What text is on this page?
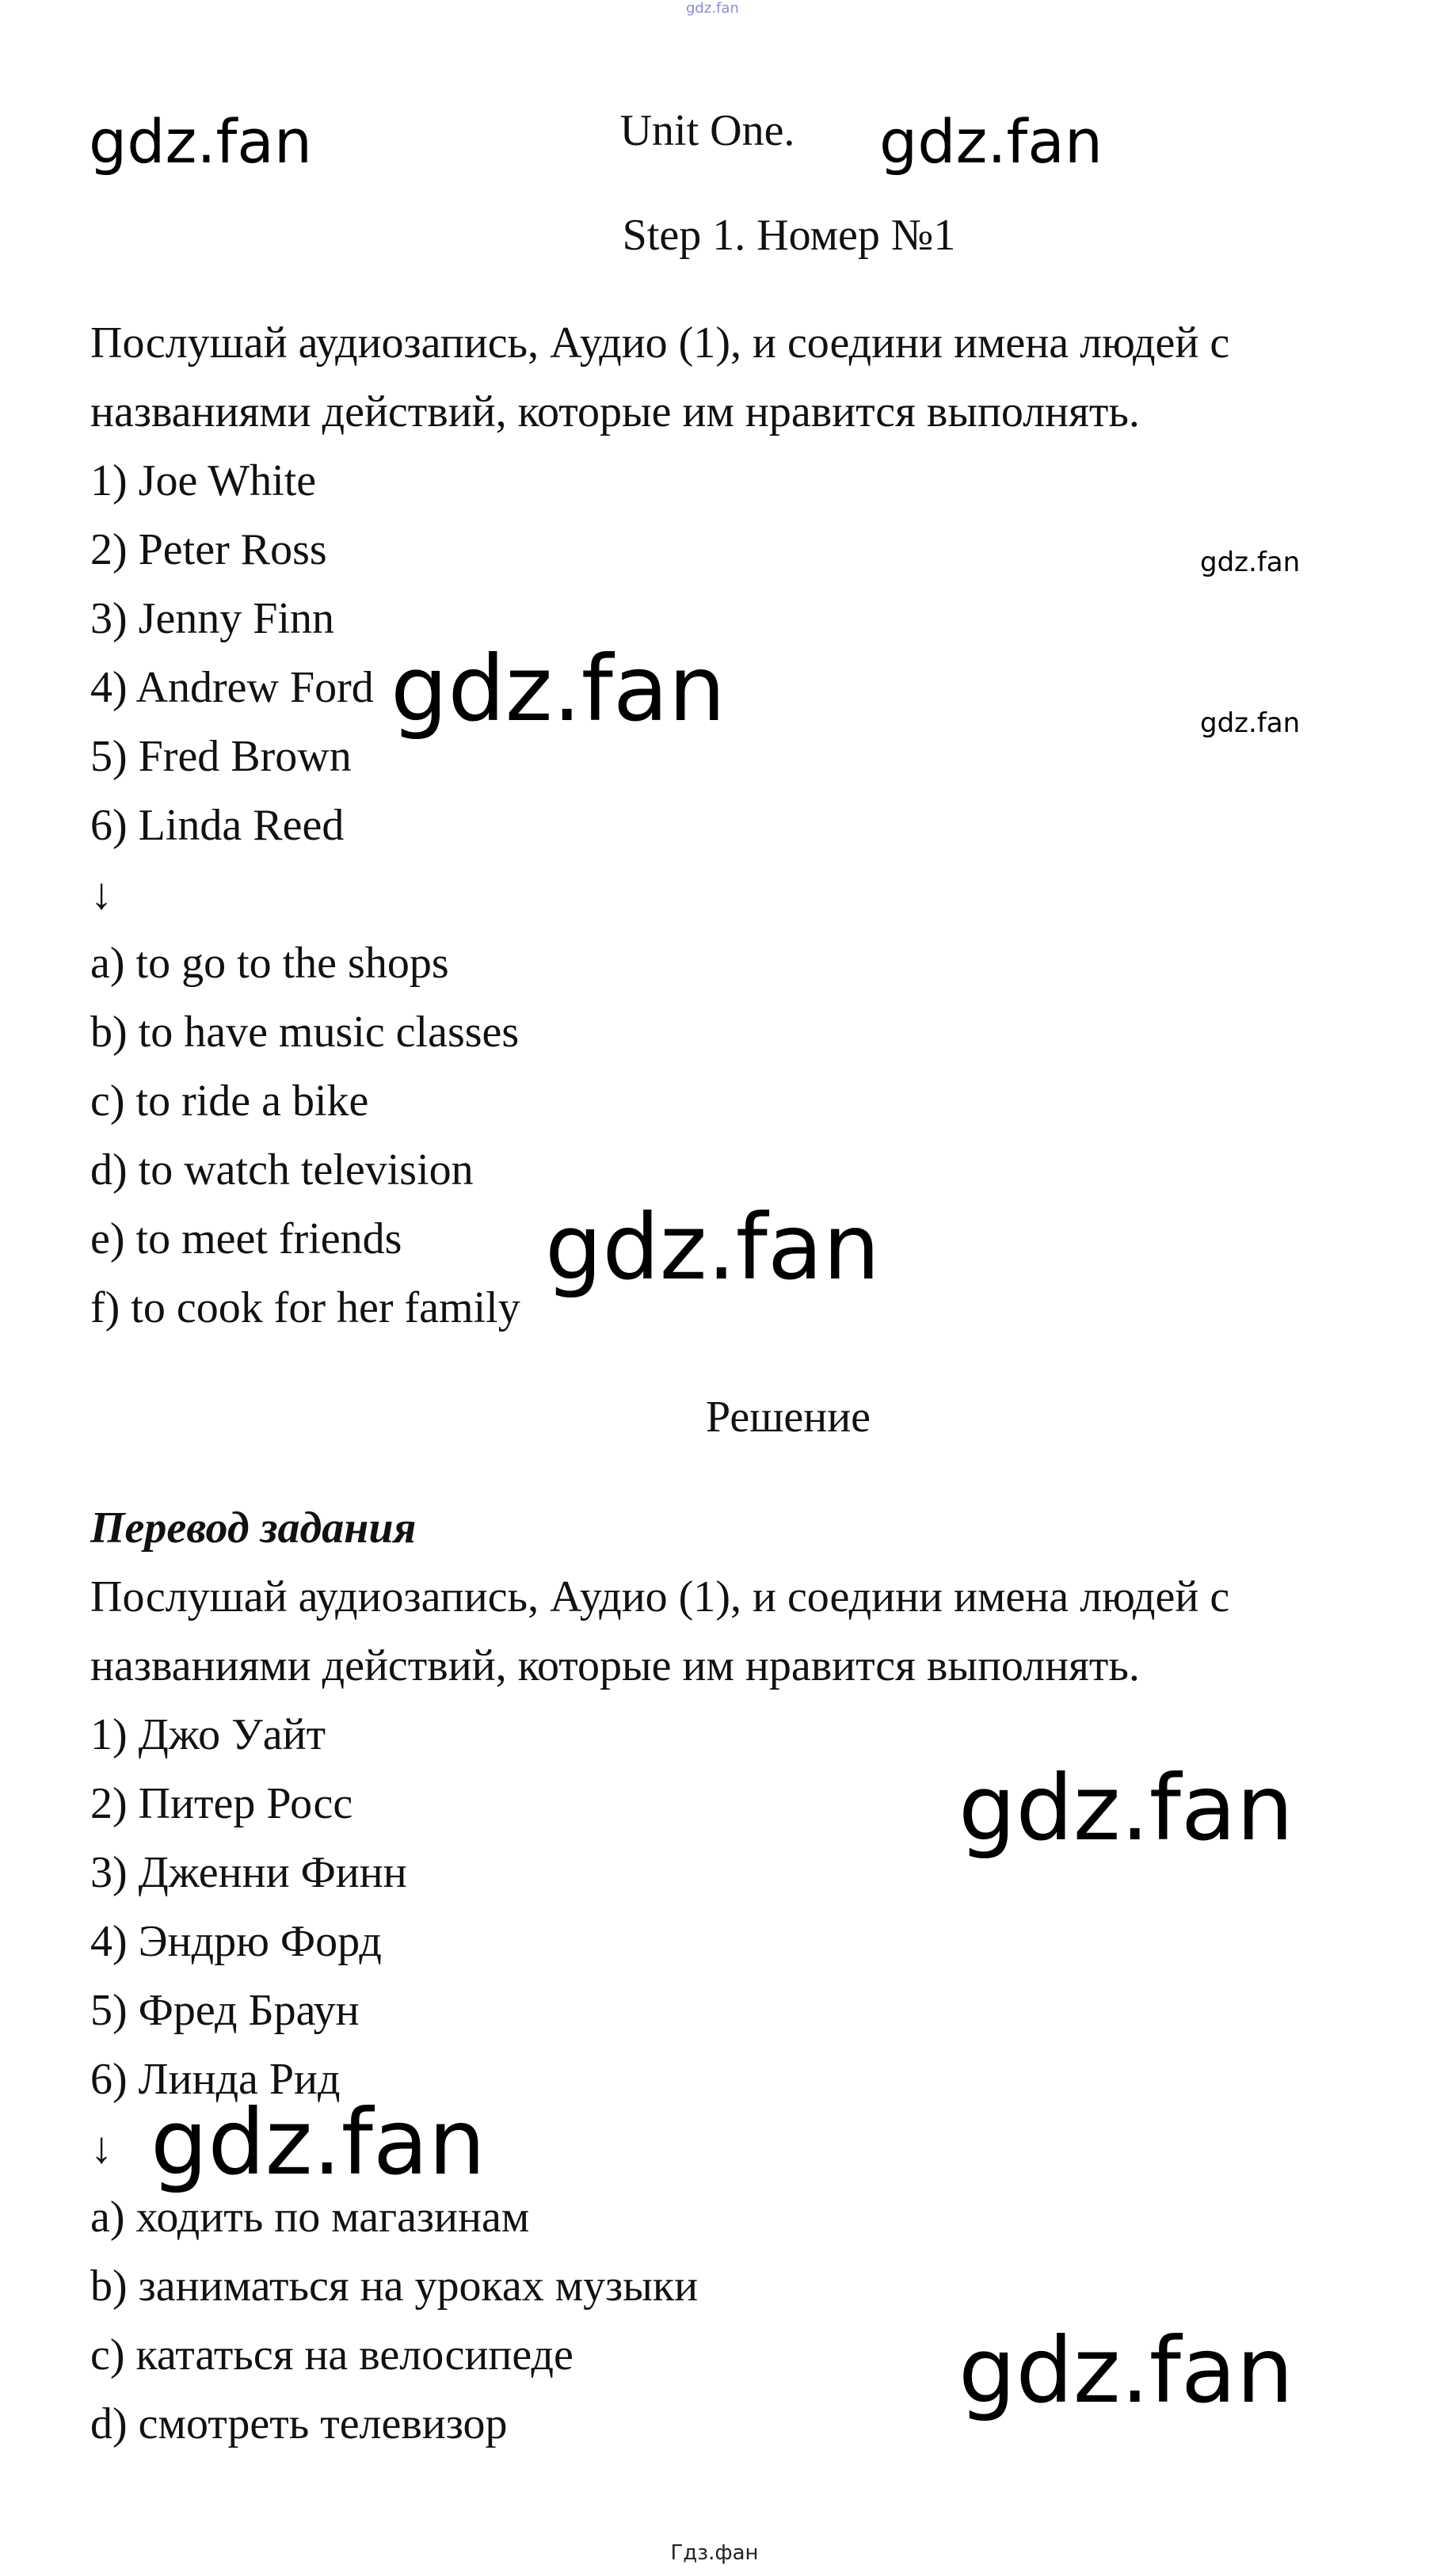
gdz.fan
Unit One.
Step 1. Номер №1
Послушай аудиозапись, Аудио (1), и соедини имена людей с
названиями действий, которые им нравится выполнять.
1) Joe White
2) Peter Ross
3) Jenny Finn
4) Andrew Ford
5) Fred Brown
6) Linda Reed
↓
a) to go to the shops
b) to have music classes
c) to ride a bike
d) to watch television
e) to meet friends
f) to cook for her family
Решение
Перевод задания
Послушай аудиозапись, Аудио (1), и соедини имена людей с
названиями действий, которые им нравится выполнять.
1) Джо Уайт
2) Питер Росс
3) Дженни Финн
4) Эндрю Форд
5) Фред Браун
6) Линда Рид
↓
a) ходить по магазинам
b) заниматься на уроках музыки
c) кататься на велосипеде
d) смотреть телевизор
gdz.fan	gdz.fan
gdz.fan
gdz.fan
gdz.fan
gdz.fan
gdz.fan
gdz.fan
gdz.fan
Гдз.фан
